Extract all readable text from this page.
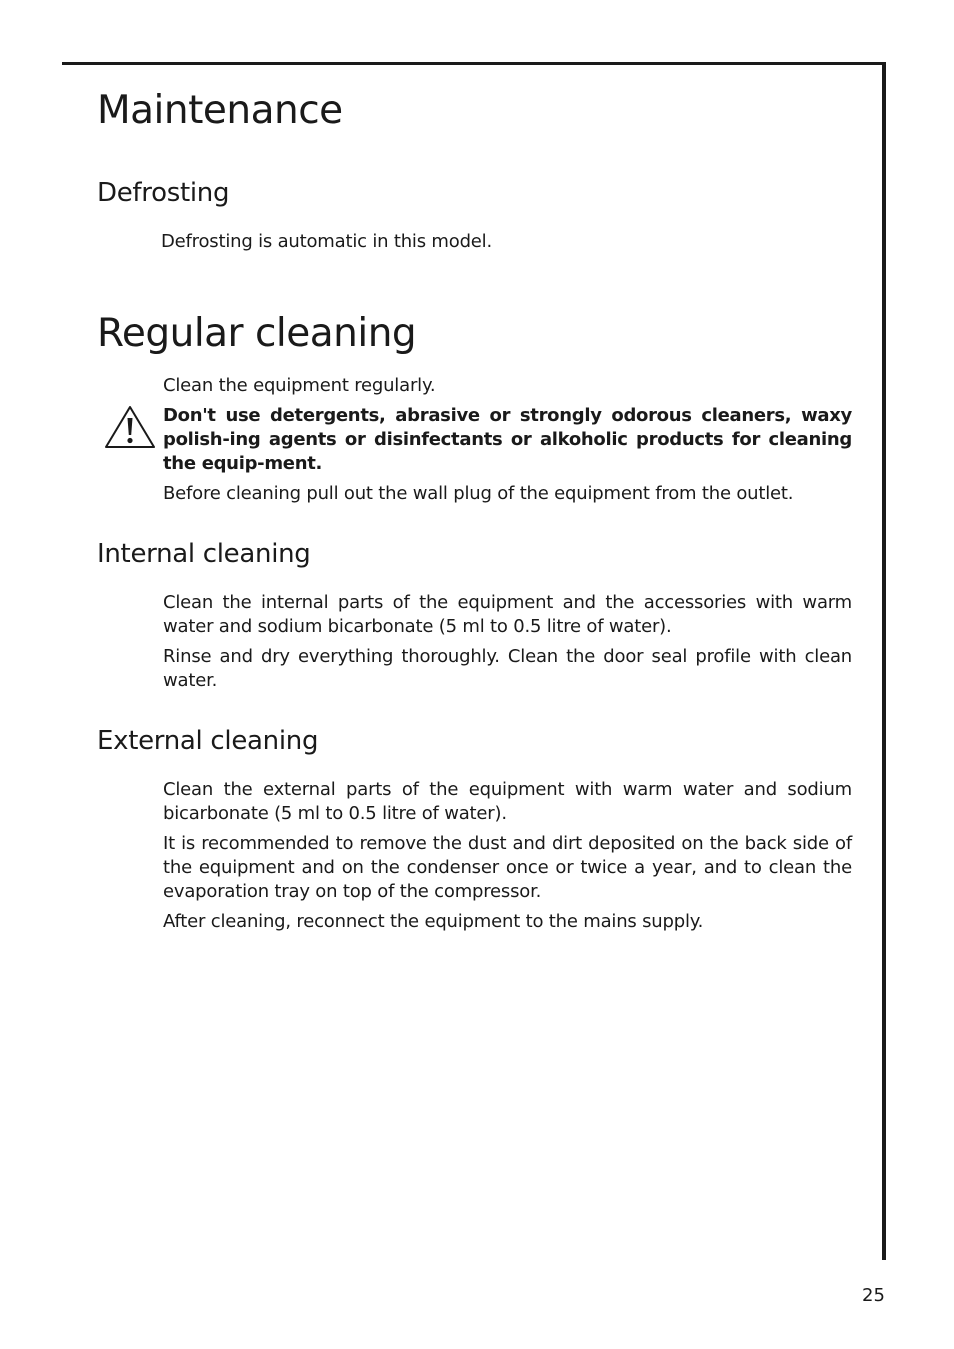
Maintenance
Defrosting

Defrosting is automatic in this model.

Regular cleaning

Clean the equipment regularly.

Don't use detergents, abrasive or strongly odorous cleaners, waxy polish-ing agents or disinfectants or alkoholic products for cleaning the equip-ment.

Before cleaning pull out the wall plug of the equipment from the outlet.

Internal cleaning

Clean the internal parts of the equipment and the accessories with warm water and sodium bicarbonate (5 ml to 0.5 litre of water).

Rinse and dry everything thoroughly. Clean the door seal profile with clean water.

External cleaning

Clean the external parts of the equipment with warm water and sodium bicarbonate (5 ml to 0.5 litre of water).

It is recommended to remove the dust and dirt deposited on the back side of the equipment and on the condenser once or twice a year, and to clean the evaporation tray on top of the compressor.

After cleaning, reconnect the equipment to the mains supply.

25
